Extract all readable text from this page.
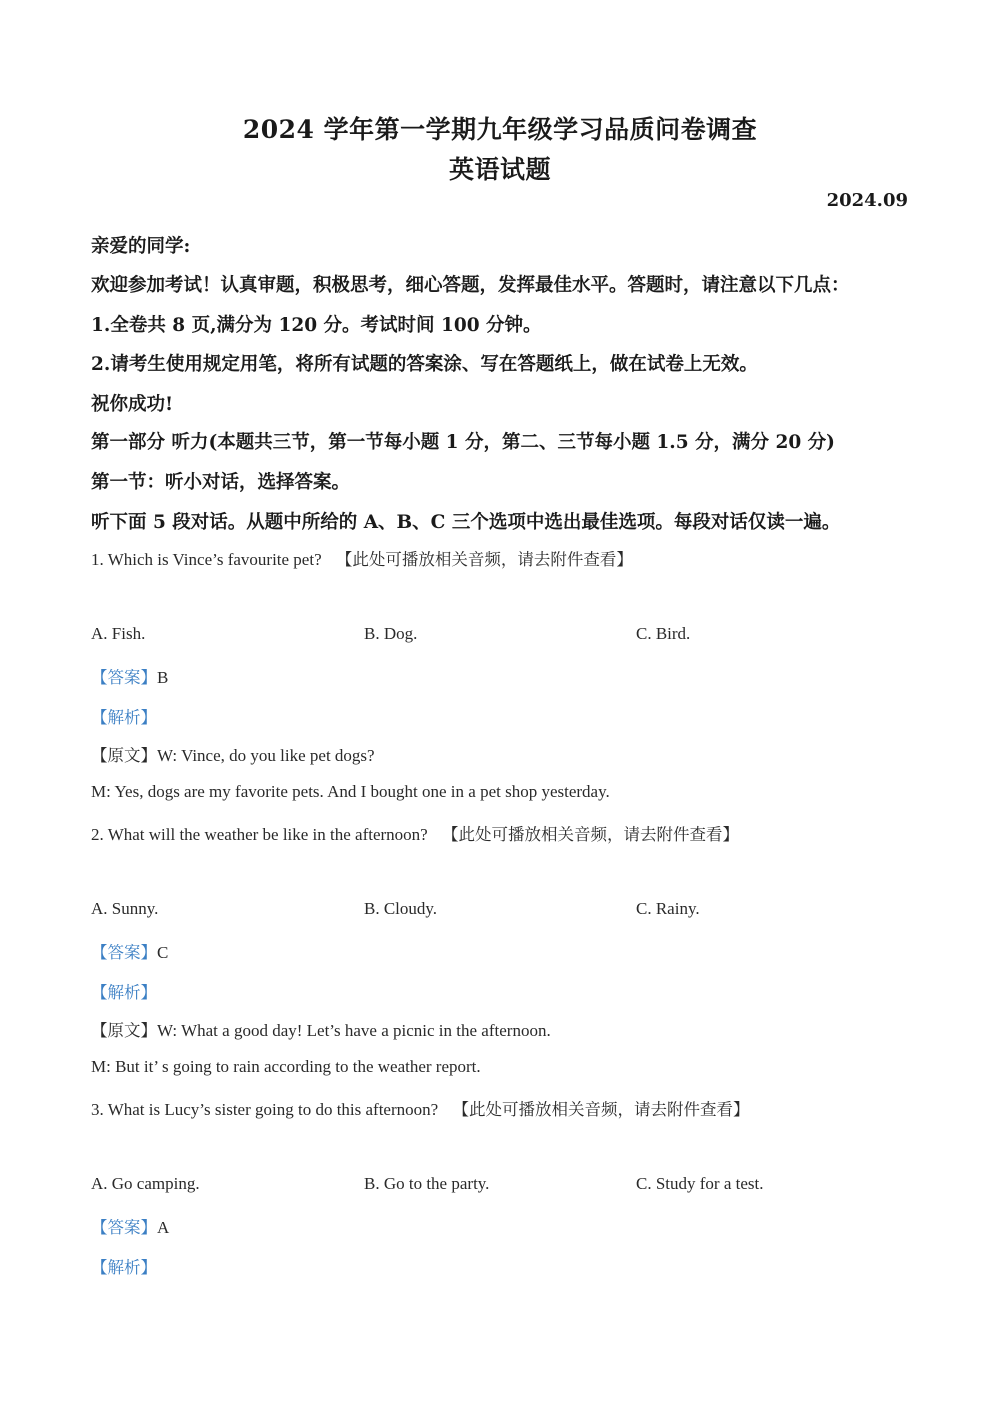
2024 学年第一学期九年级学习品质问卷调查
英语试题
2024.09
亲爱的同学:
欢迎参加考试！认真审题，积极思考，细心答题，发挥最佳水平。答题时，请注意以下几点：
1.全卷共 8 页,满分为 120 分。考试时间 100 分钟。
2.请考生使用规定用笔，将所有试题的答案涂、写在答题纸上，做在试卷上无效。
祝你成功!
第一部分 听力(本题共三节，第一节每小题 1 分，第二、三节每小题 1.5 分，满分 20 分)
第一节：听小对话，选择答案。
听下面 5 段对话。从题中所给的 A、B、C 三个选项中选出最佳选项。每段对话仅读一遍。
1. Which is Vince’s favourite pet? 【此处可播放相关音频，请去附件查看】
A. Fish.	B. Dog.	C. Bird.
【答案】B
【解析】
【原文】W: Vince, do you like pet dogs?
M: Yes, dogs are my favorite pets. And I bought one in a pet shop yesterday.
2. What will the weather be like in the afternoon? 【此处可播放相关音频，请去附件查看】
A. Sunny.	B. Cloudy.	C. Rainy.
【答案】C
【解析】
【原文】W: What a good day! Let’s have a picnic in the afternoon.
M: But it’ s going to rain according to the weather report.
3. What is Lucy’s sister going to do this afternoon? 【此处可播放相关音频，请去附件查看】
A. Go camping.	B. Go to the party.	C. Study for a test.
【答案】A
【解析】
